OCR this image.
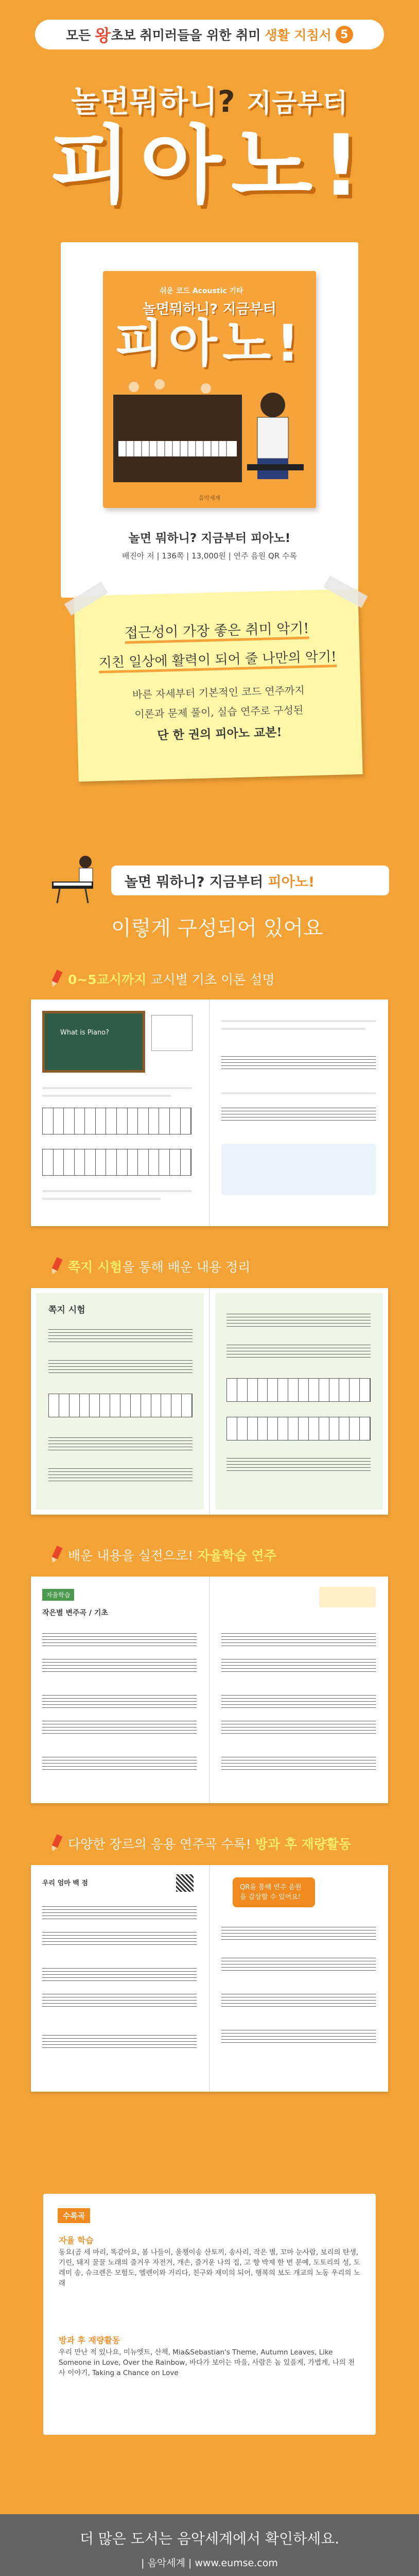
모든 왕 초보 취미러들을 위한 취미 생활 지침서 5
놀면뭐하니? 지금부터
피아노!
쉬운 코드 Acoustic 기타
놀면뭐하니? 지금부터
피아노!
음악세계
놀면 뭐하니? 지금부터 피아노!
배진아 저 | 136쪽 | 13,000원 | 연주 음원 QR 수록
접근성이 가장 좋은 취미 악기!
지친 일상에 활력이 되어 줄 나만의 악기!
바른 자세부터 기본적인 코드 연주까지
이론과 문제 풀이, 실습 연주로 구성된
단 한 권의 피아노 교본!
놀면 뭐하니? 지금부터
피아노!
이렇게 구성되어 있어요
0~5교시까지
교시별 기초 이론 설명
What is Piano?
쪽지 시험 을 통해 배운 내용 정리
쪽지 시험
배운 내용을 실전으로!
자율학습 연주
자율학습
작은별 변주곡 / 기초
다양한 장르의 응용 연주곡 수록!
방과 후 재량활동
우리 엄마 백 점
QR을 통해 연주 음원을 감상할 수 있어요!
수록곡
자율 학습
동요(곰 세 마리, 똑같아요, 봄 나들이, 올챙이송 산토끼, 송사리, 작은 별, 꼬마 눈사람, 보리의 탄생, 기린, 돼지 꿀꿀 노래의 즐거우 자전거, 개손, 즐거운 나의 집, 고 향 박제 한 번 분예, 도토리의 성, 도레미 송, 슈크렌은 모험도, 엘렌이와 거리다, 친구와 재미의 되어, 행복의 보도 개교의 노동 우리의 노래
방과 후 재량활동
우리 만난 적 있나요, 미뉴엣트, 산책, Mia&Sebastian's Theme, Autumn Leaves, Like Someone in Love, Over the Rainbow, 바다가 보이는 마을, 사람은 놈 있을게, 가볍게, 나의 천사 이야기, Taking a Chance on Love
더 많은 도서는 음악세계에서 확인하세요.
| 음악세계 | www.eumse.com
